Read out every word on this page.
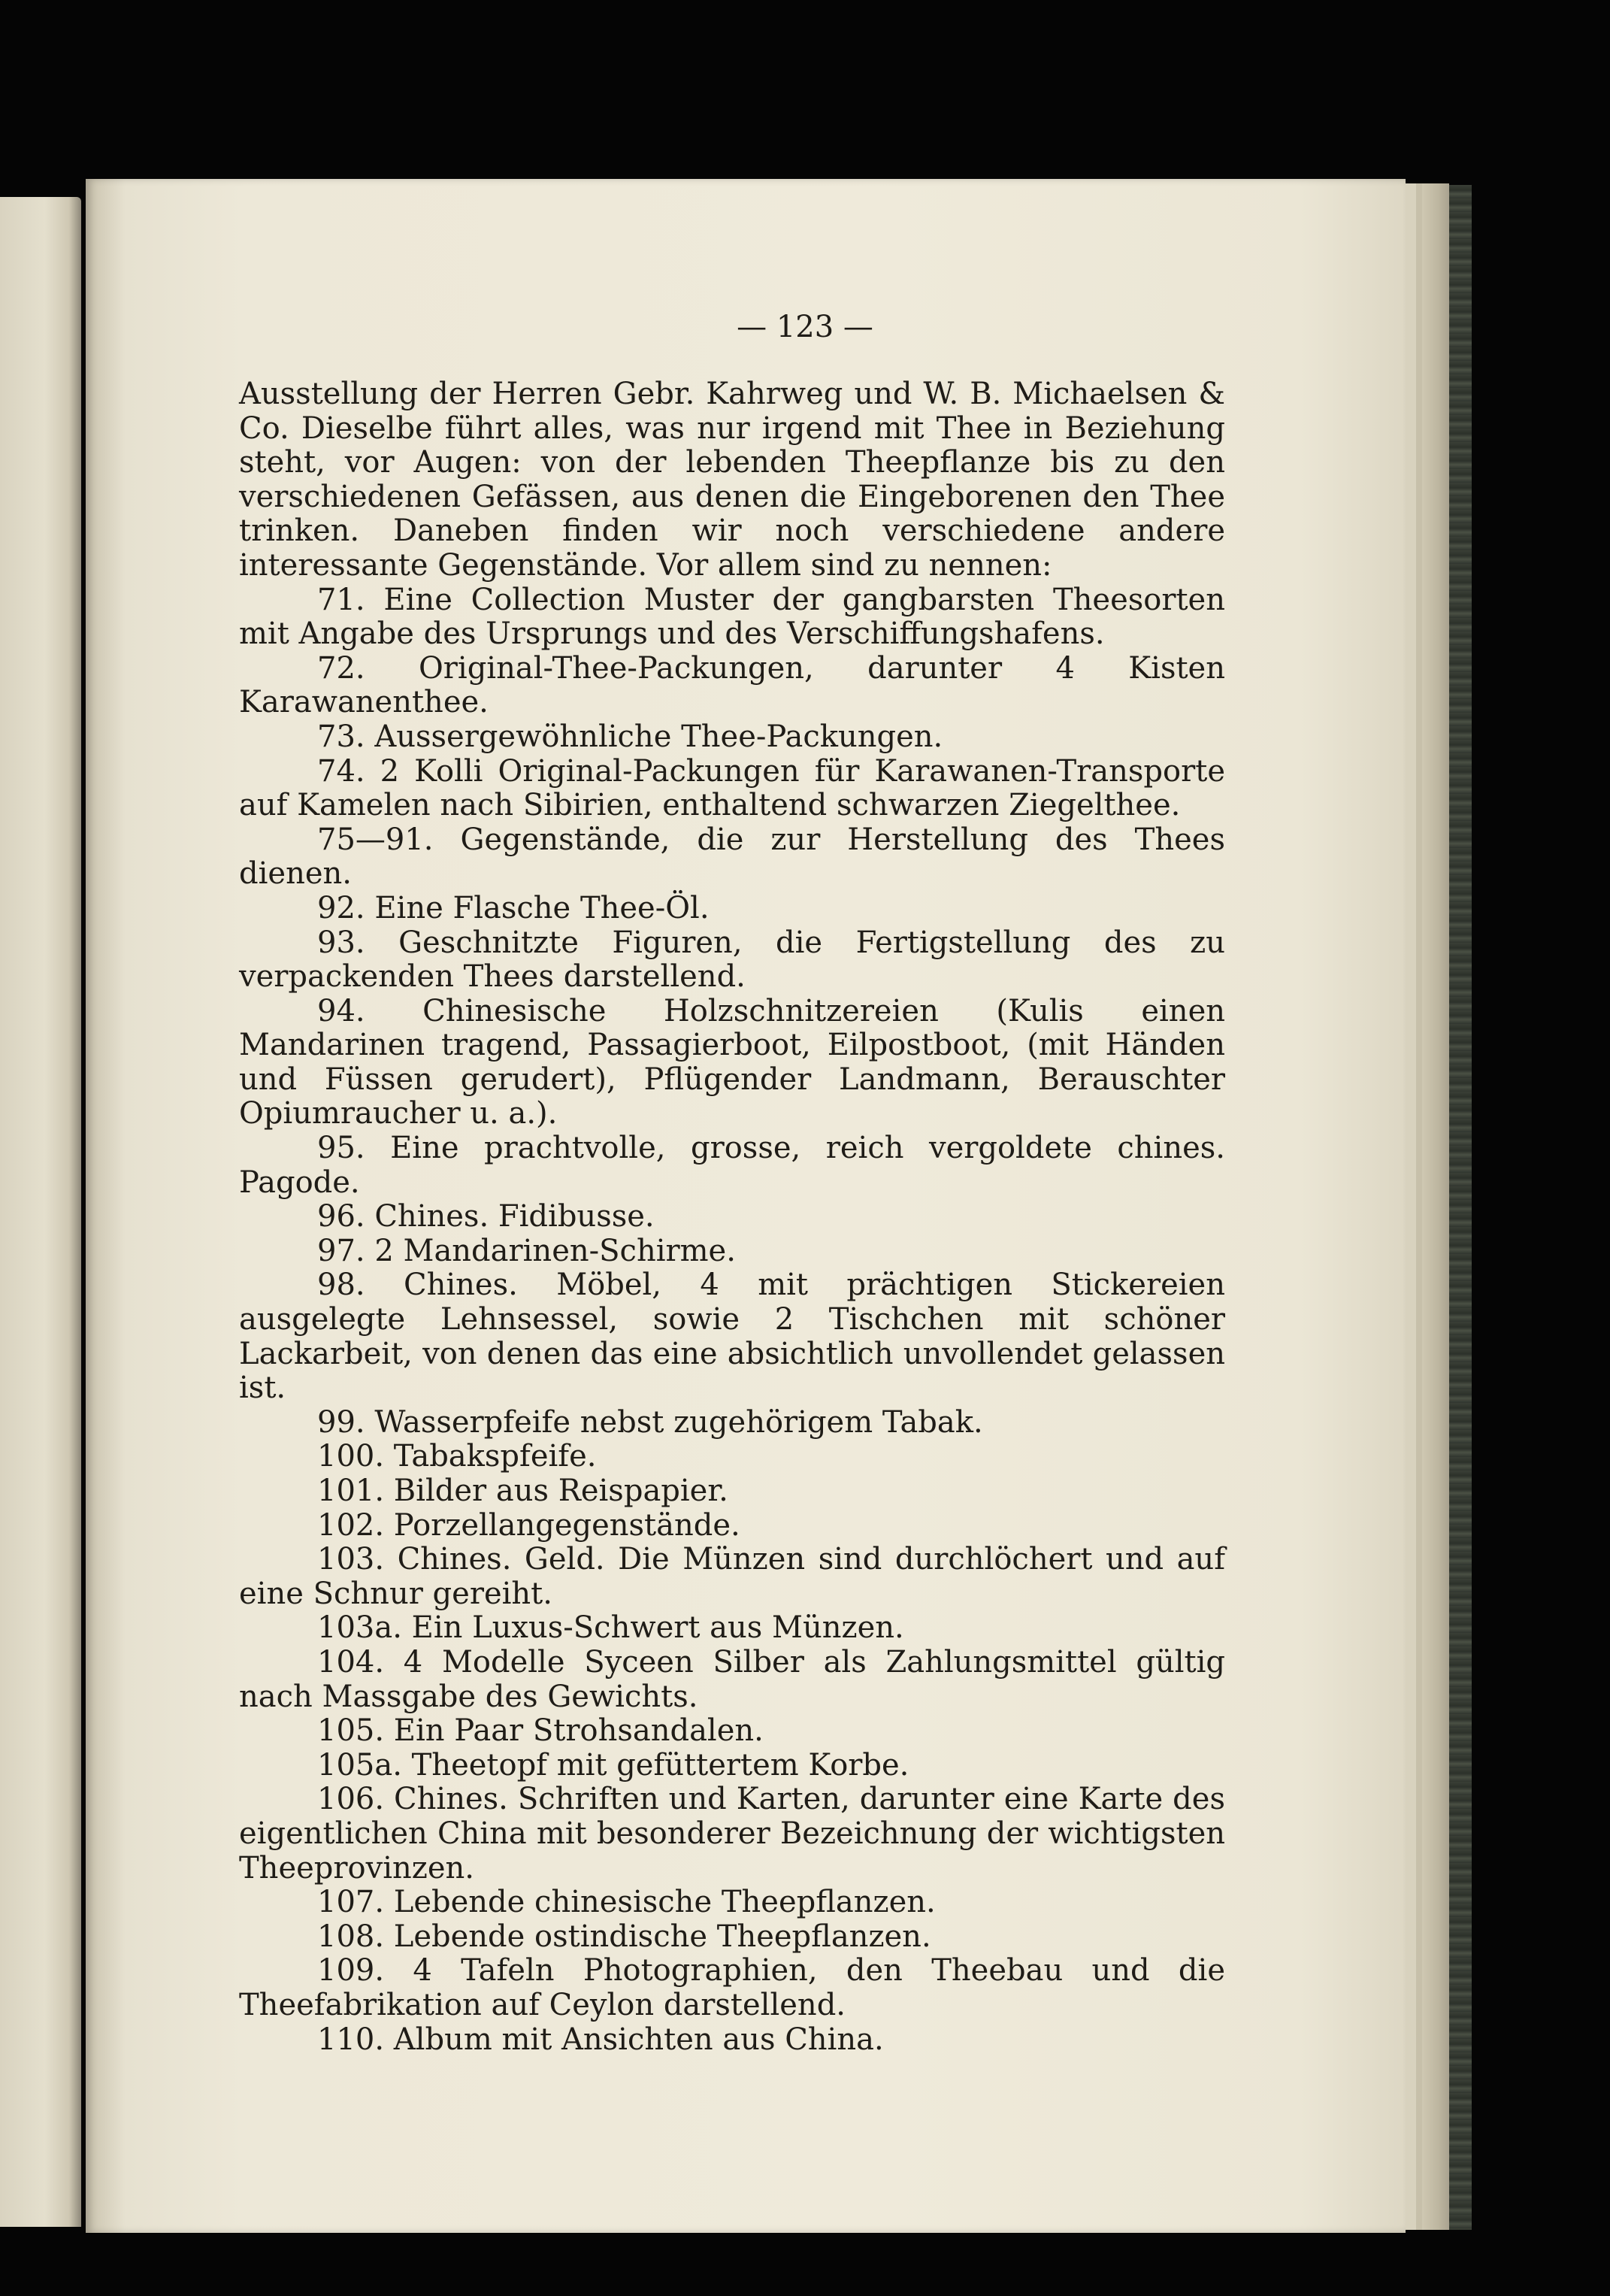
— 123 —

Ausstellung der Herren Gebr. Kahrweg und W. B. Michaelsen & Co. Dieselbe führt alles, was nur irgend mit Thee in Beziehung steht, vor Augen: von der lebenden Theepflanze bis zu den verschiedenen Gefässen, aus denen die Eingeborenen den Thee trinken. Daneben finden wir noch verschiedene andere interessante Gegenstände. Vor allem sind zu nennen:

71. Eine Collection Muster der gangbarsten Theesorten mit Angabe des Ursprungs und des Verschiffungshafens.

72. Original-Thee-Packungen, darunter 4 Kisten Karawanenthee.

73. Aussergewöhnliche Thee-Packungen.

74. 2 Kolli Original-Packungen für Karawanen-Transporte auf Kamelen nach Sibirien, enthaltend schwarzen Ziegelthee.

75—91. Gegenstände, die zur Herstellung des Thees dienen.

92. Eine Flasche Thee-Öl.

93. Geschnitzte Figuren, die Fertigstellung des zu verpackenden Thees darstellend.

94. Chinesische Holzschnitzereien (Kulis einen Mandarinen tragend, Passagierboot, Eilpostboot, (mit Händen und Füssen gerudert), Pflügender Landmann, Berauschter Opiumraucher u. a.).

95. Eine prachtvolle, grosse, reich vergoldete chines. Pagode.

96. Chines. Fidibusse.

97. 2 Mandarinen-Schirme.

98. Chines. Möbel, 4 mit prächtigen Stickereien ausgelegte Lehnsessel, sowie 2 Tischchen mit schöner Lackarbeit, von denen das eine absichtlich unvollendet gelassen ist.

99. Wasserpfeife nebst zugehörigem Tabak.

100. Tabakspfeife.

101. Bilder aus Reispapier.

102. Porzellangegenstände.

103. Chines. Geld. Die Münzen sind durchlöchert und auf eine Schnur gereiht.

103a. Ein Luxus-Schwert aus Münzen.

104. 4 Modelle Syceen Silber als Zahlungsmittel gültig nach Massgabe des Gewichts.

105. Ein Paar Strohsandalen.

105a. Theetopf mit gefüttertem Korbe.

106. Chines. Schriften und Karten, darunter eine Karte des eigentlichen China mit besonderer Bezeichnung der wichtigsten Theeprovinzen.

107. Lebende chinesische Theepflanzen.

108. Lebende ostindische Theepflanzen.

109. 4 Tafeln Photographien, den Theebau und die Theefabrikation auf Ceylon darstellend.

110. Album mit Ansichten aus China.
